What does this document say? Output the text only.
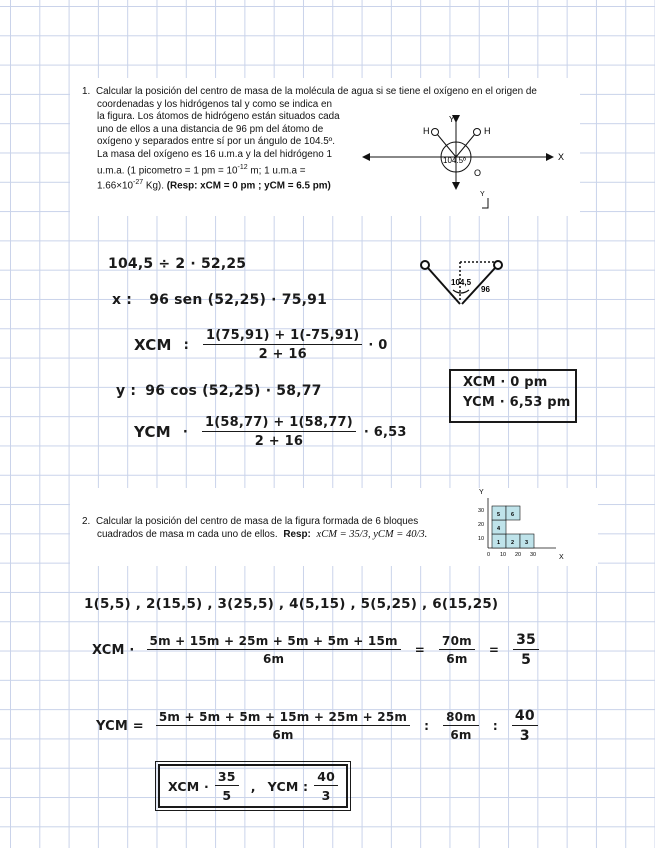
1. Calcular la posición del centro de masa de la molécula de agua si se tiene el oxígeno en el origen de
coordenadas y los hidrógenos tal y como se indica en
la figura. Los átomos de hidrógeno están situados cada
uno de ellos a una distancia de 96 pm del átomo de
oxígeno y separados entre sí por un ángulo de 104.5º.
La masa del oxígeno es 16 u.m.a y la del hidrógeno 1
u.m.a. (1 picometro = 1 pm = $10^{-12}$ m; 1 u.m.a =
$1.66\times 10^{-27}$ Kg). (Resp: xCM = 0 pm ; yCM = 6.5 pm)
H	H
Y
104.5º
O
X
Y
104,5 ÷ 2 · 52,25
x : 96 sen (52,25) · 75,91
XCM : $\frac{1(75,91) + 1(-75,91)}{2 + 16} \cdot 0$
y : 96 cos (52,25) · 58,77
YCM · $\frac{1(58,77) + 1(58,77)}{2 + 16} \cdot 6,53$
104,5
96
XCM · 0 pm
YCM · 6,53 pm
2. Calcular la posición del centro de masa de la figura formada de 6 bloques
cuadrados de masa m cada uno de ellos. Resp: xCM = 35/3, yCM = 40/3.
Y
X
30
20
10
0 10 20 30
1 2 3
4
5 6
1(5,5) , 2(15,5) , 3(25,5) , 4(5,15) , 5(5,25) , 6(15,25)
XCM · $\frac{5m + 15m + 25m + 5m + 5m + 15m}{6m} = \frac{70m}{6m} = \frac{35}{5}$
YCM = $\frac{5m + 5m + 5m + 15m + 25m + 25m}{6m}$ : $\frac{80m}{6m}$ : $\frac{40}{3}$
XCM · $\frac{35}{5}$ , YCM : $\frac{40}{3}$
